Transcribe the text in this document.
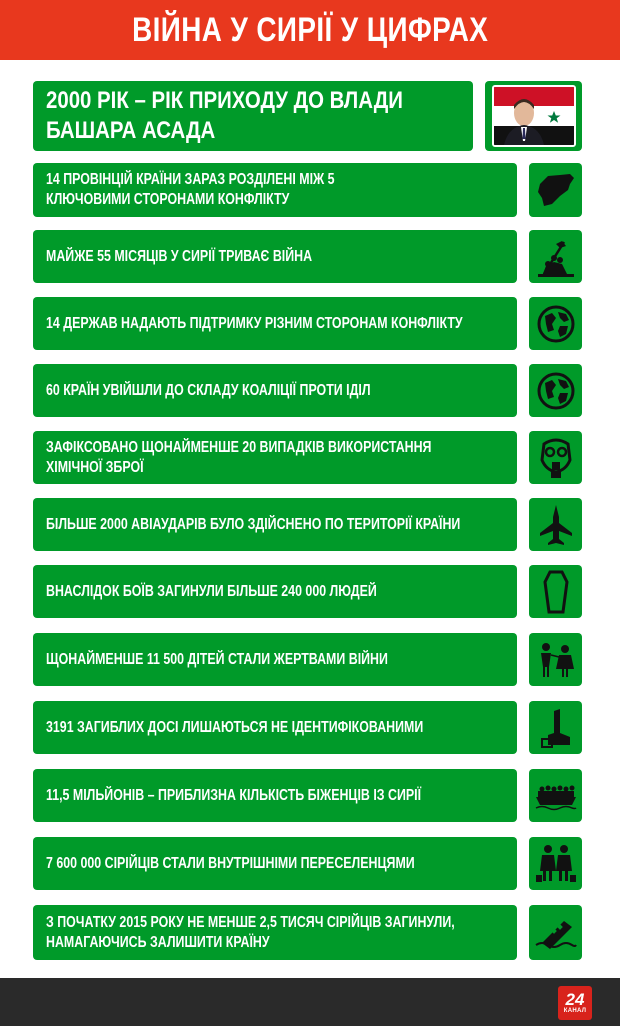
ВІЙНА У СИРІЇ У ЦИФРАХ
2000 РІК – РІК ПРИХОДУ ДО ВЛАДИ
БАШАРА АСАДА
14 ПРОВІНЦІЙ КРАЇНИ ЗАРАЗ РОЗДІЛЕНІ МІЖ 5
КЛЮЧОВИМИ СТОРОНАМИ КОНФЛІКТУ
МАЙЖЕ 55 МІСЯЦІВ У СИРІЇ ТРИВАЄ ВІЙНА
14 ДЕРЖАВ НАДАЮТЬ ПІДТРИМКУ РІЗНИМ СТОРОНАМ КОНФЛІКТУ
60 КРАЇН УВІЙШЛИ ДО СКЛАДУ КОАЛІЦІЇ ПРОТИ ІДІЛ
ЗАФІКСОВАНО ЩОНАЙМЕНШЕ 20 ВИПАДКІВ ВИКОРИСТАННЯ
ХІМІЧНОЇ ЗБРОЇ
БІЛЬШЕ 2000 АВІАУДАРІВ БУЛО ЗДІЙСНЕНО ПО ТЕРИТОРІЇ КРАЇНИ
ВНАСЛІДОК БОЇВ ЗАГИНУЛИ БІЛЬШЕ 240 000 ЛЮДЕЙ
ЩОНАЙМЕНШЕ 11 500 ДІТЕЙ СТАЛИ ЖЕРТВАМИ ВІЙНИ
3191 ЗАГИБЛИХ ДОСІ ЛИШАЮТЬСЯ НЕ ІДЕНТИФІКОВАНИМИ
11,5 МІЛЬЙОНІВ – ПРИБЛИЗНА КІЛЬКІСТЬ БІЖЕНЦІВ ІЗ СИРІЇ
7 600 000 СІРІЙЦІВ СТАЛИ ВНУТРІШНІМИ ПЕРЕСЕЛЕНЦЯМИ
З ПОЧАТКУ 2015 РОКУ НЕ МЕНШЕ 2,5 ТИСЯЧ СІРІЙЦІВ ЗАГИНУЛИ,
НАМАГАЮЧИСЬ ЗАЛИШИТИ КРАЇНУ
24
КАНАЛ
